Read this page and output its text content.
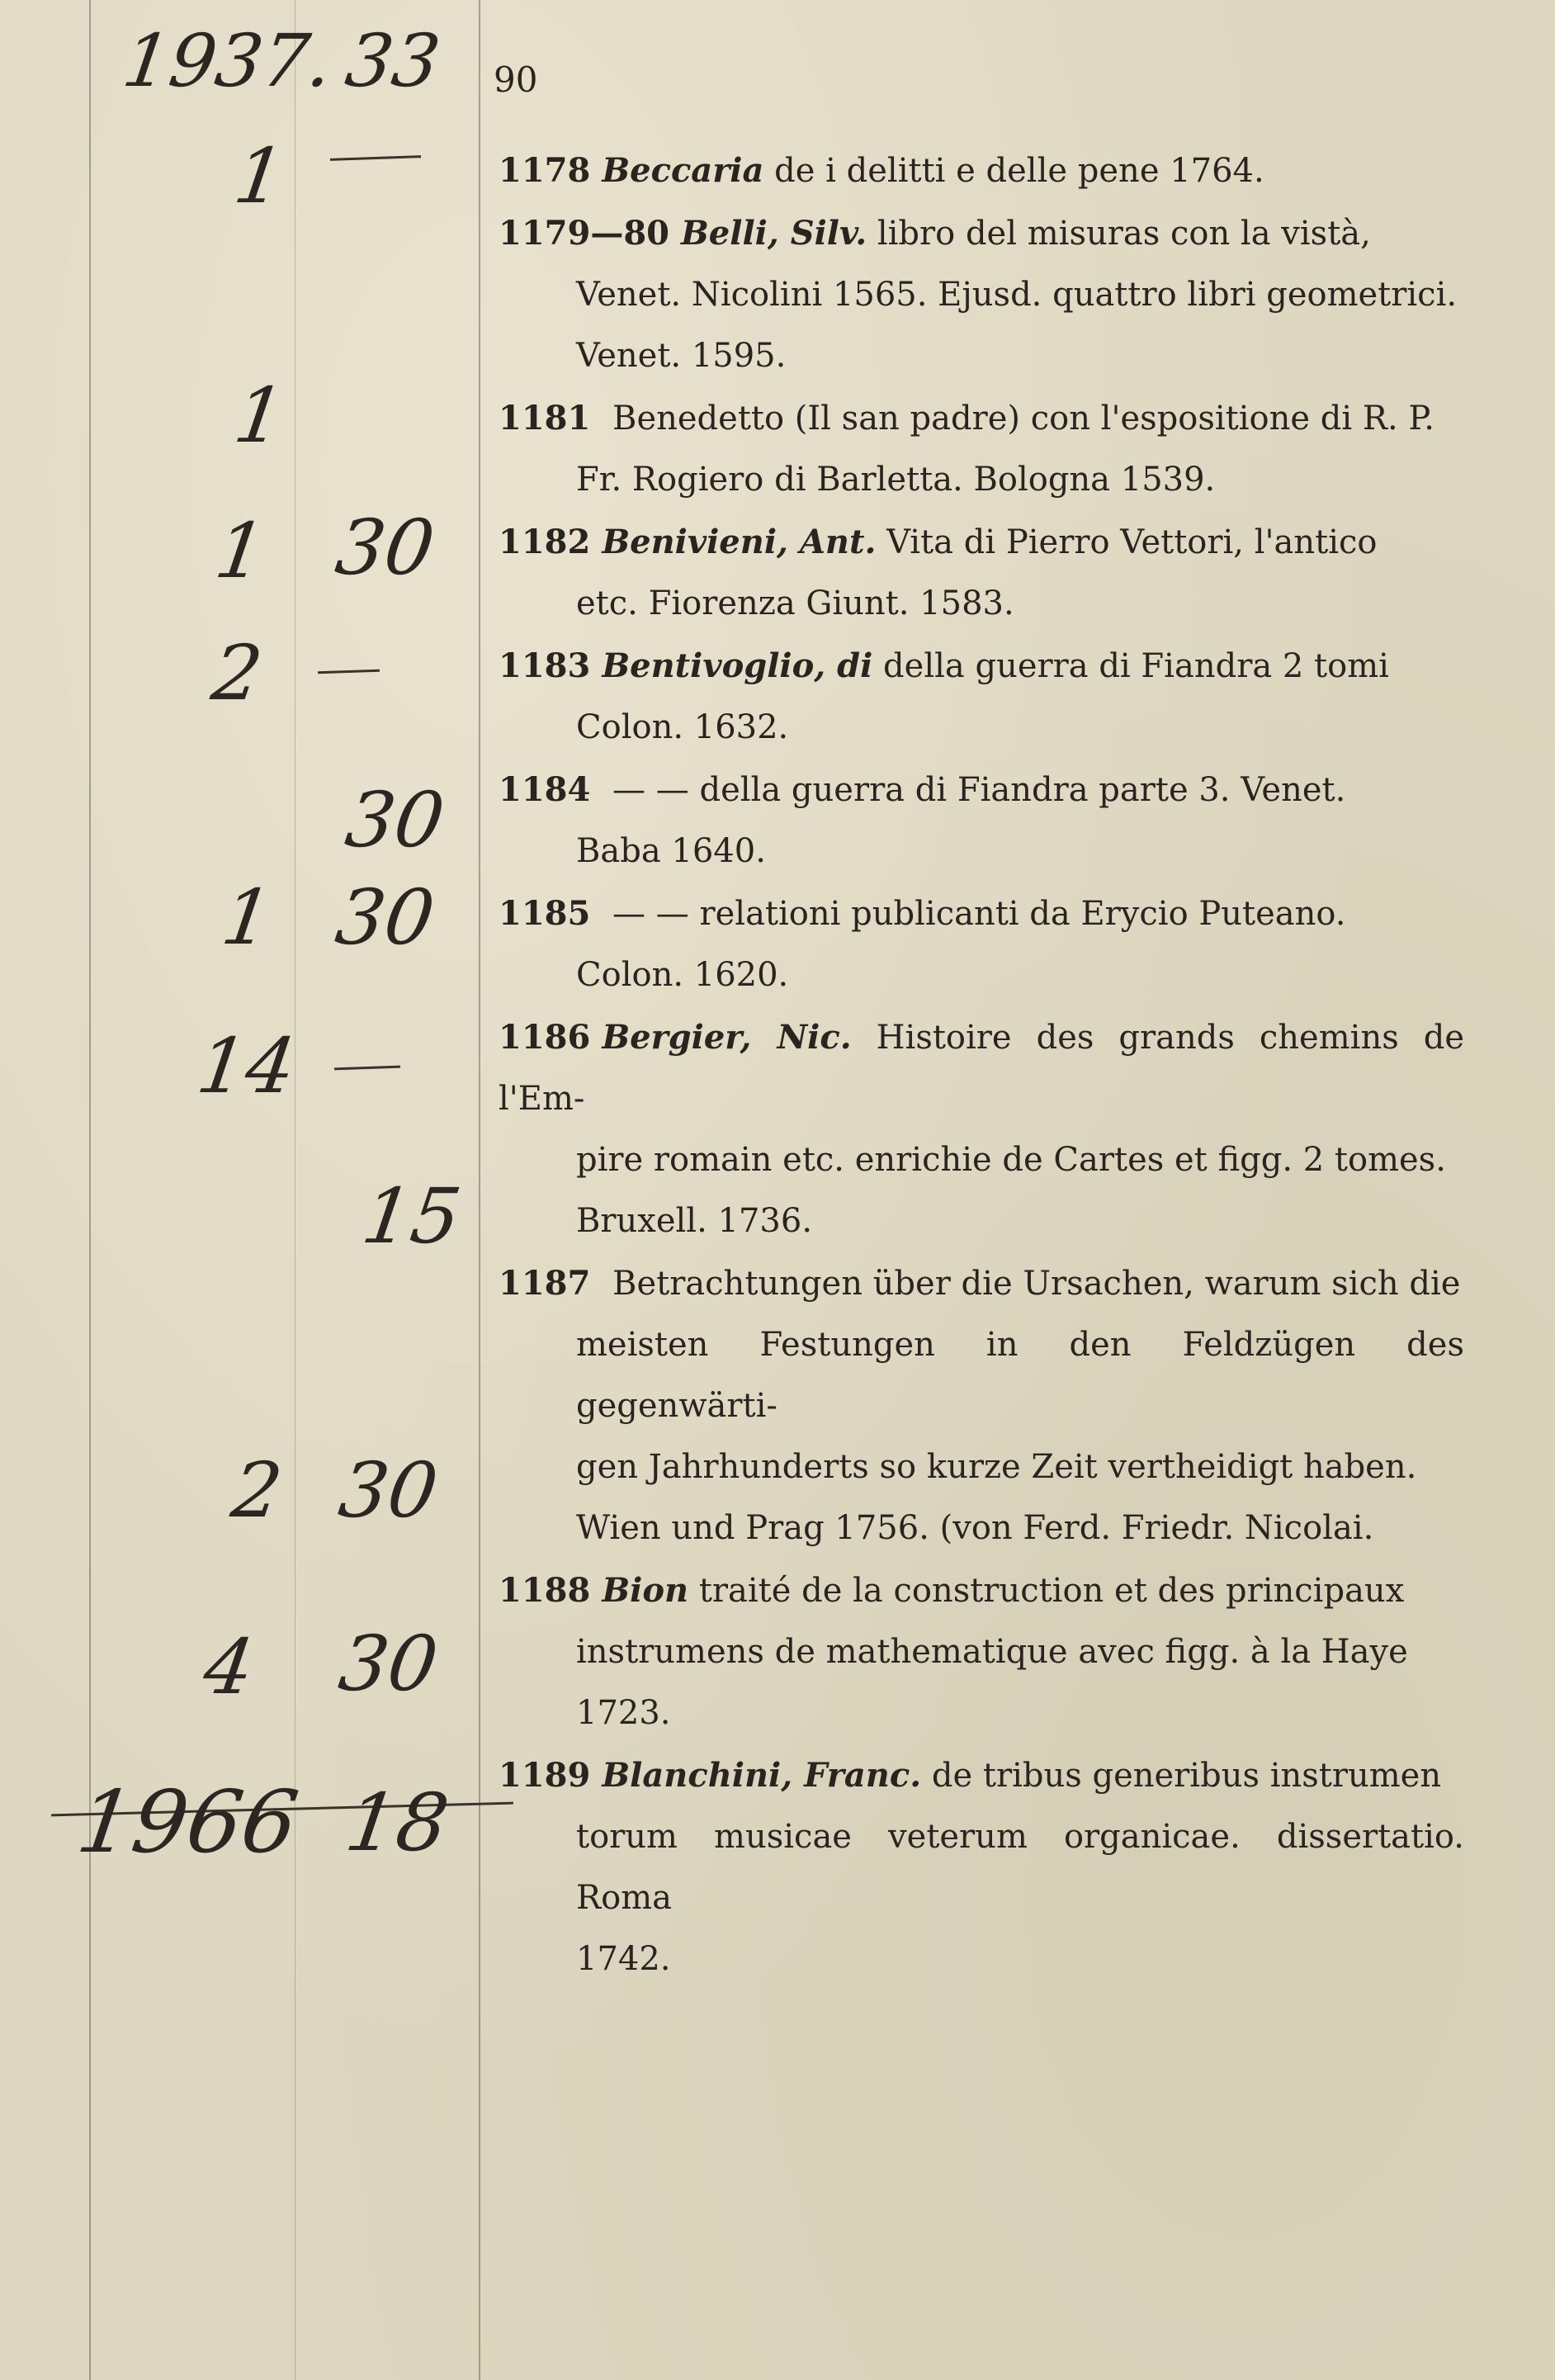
1937. 33 90
1
1
1 30
2
30
1 30
14
15
2 30
4 30
1966 18
1178 Beccaria de i delitti e delle pene 1764.
1179—80 Belli, Silv. libro del misuras con la vistà,
Venet. Nicolini 1565. Ejusd. quattro libri geometrici.
Venet. 1595.
1181 Benedetto (Il san padre) con l'espositione di R. P.
Fr. Rogiero di Barletta. Bologna 1539.
1182 Benivieni, Ant. Vita di Pierro Vettori, l'antico
etc. Fiorenza Giunt. 1583.
1183 Bentivoglio, di della guerra di Fiandra 2 tomi
Colon. 1632.
1184 — — della guerra di Fiandra parte 3. Venet.
Baba 1640.
1185 — — relationi publicanti da Erycio Puteano.
Colon. 1620.
1186 Bergier, Nic. Histoire des grands chemins de l'Em-
pire romain etc. enrichie de Cartes et figg. 2 tomes.
Bruxell. 1736.
1187 Betrachtungen über die Ursachen, warum sich die
meisten Festungen in den Feldzügen des gegenwärti-
gen Jahrhunderts so kurze Zeit vertheidigt haben.
Wien und Prag 1756. (von Ferd. Friedr. Nicolai.
1188 Bion traité de la construction et des principaux
instrumens de mathematique avec figg. à la Haye
1723.
1189 Blanchini, Franc. de tribus generibus instrumen
torum musicae veterum organicae. dissertatio. Roma
1742.
